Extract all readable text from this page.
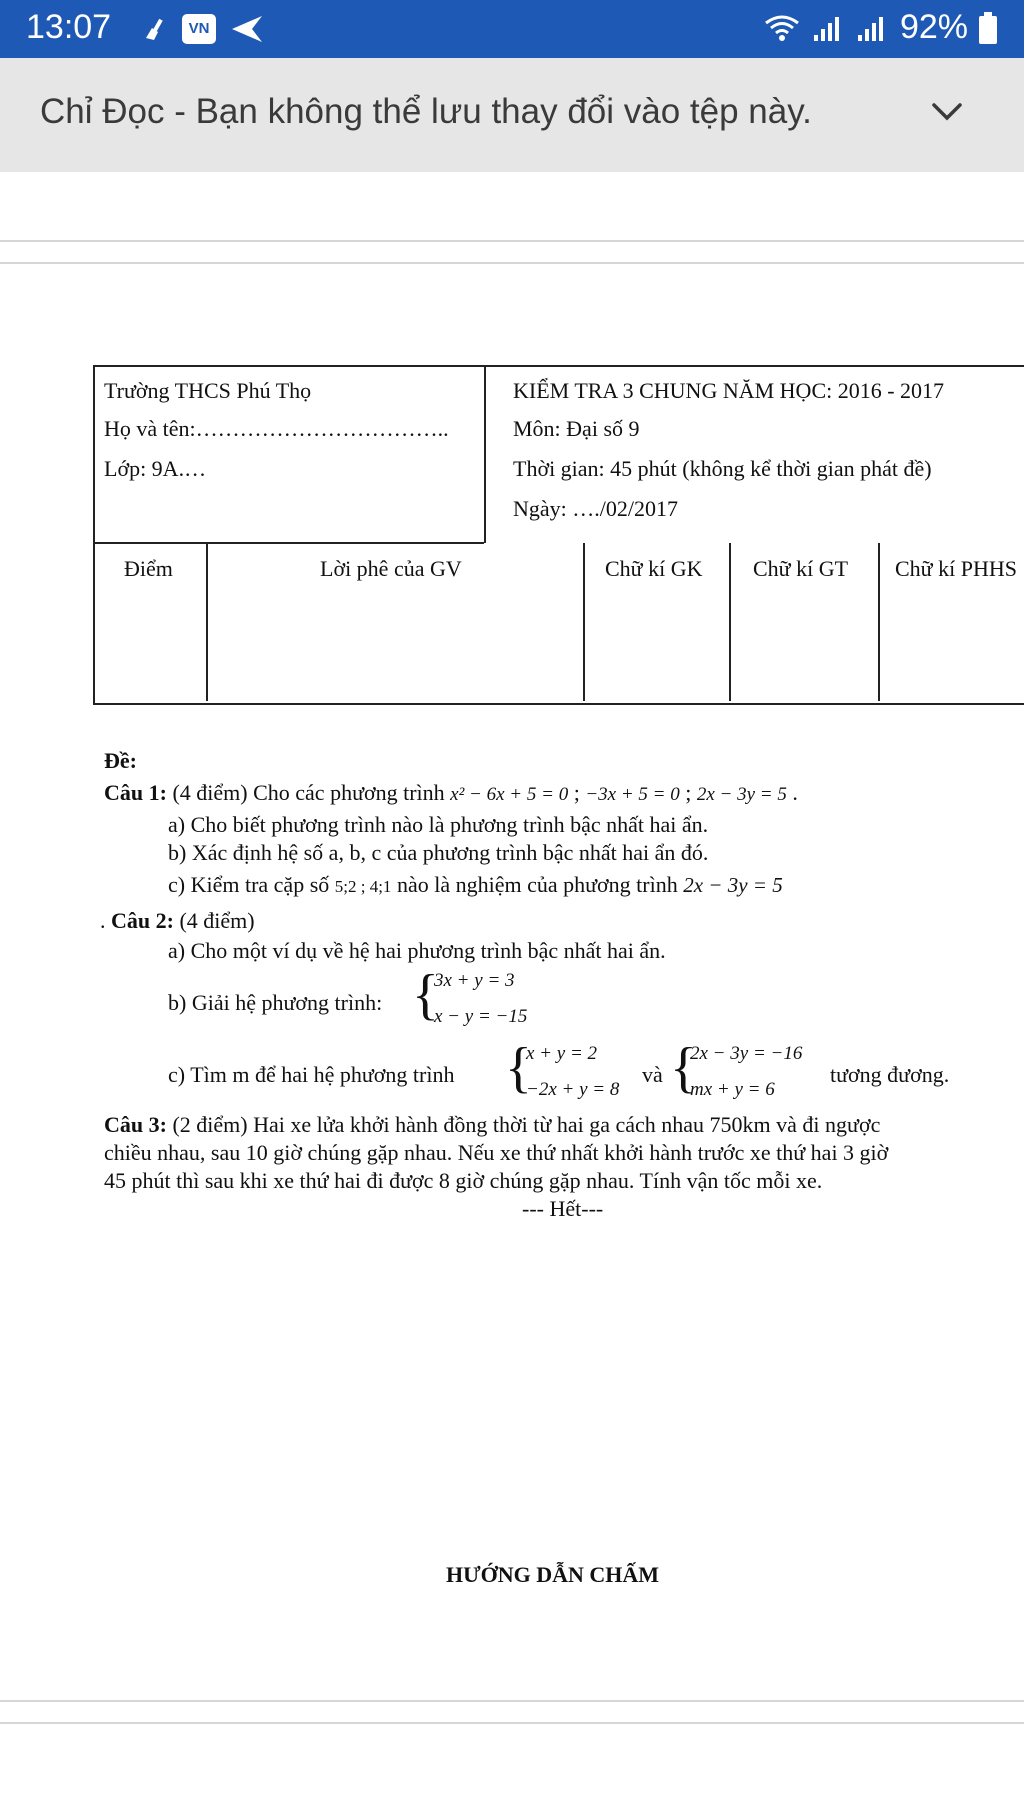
13:07	VN	92%
Chỉ Đọc - Bạn không thể lưu thay đổi vào tệp này.
Trường THCS Phú Thọ
Họ và tên:……………………………..
Lớp: 9A.…
KIỂM TRA 3 CHUNG NĂM HỌC: 2016 - 2017
Môn: Đại số 9
Thời gian: 45 phút (không kể thời gian phát đề)
Ngày: …./02/2017
Điểm	Lời phê của GV	Chữ kí GK Chữ kí GT Chữ kí PHHS
Đề:
Câu 1: (4 điểm) Cho các phương trình x² − 6x + 5 = 0 ; −3x + 5 = 0 ; 2x − 3y = 5 .
a) Cho biết phương trình nào là phương trình bậc nhất hai ẩn.
b) Xác định hệ số a, b, c của phương trình bậc nhất hai ẩn đó.
c) Kiểm tra cặp số 5;2 ; 4;1 nào là nghiệm của phương trình 2x − 3y = 5
. Câu 2: (4 điểm)
a) Cho một ví dụ về hệ hai phương trình bậc nhất hai ẩn.
b) Giải hệ phương trình: {
3x + y = 3
x − y = −15
c) Tìm m để hai hệ phương trình {
x + y = 2
−2x + y = 8
và {
2x − 3y = −16
mx + y = 6
tương đương.
Câu 3: (2 điểm) Hai xe lửa khởi hành đồng thời từ hai ga cách nhau 750km và đi ngược
chiều nhau, sau 10 giờ chúng gặp nhau. Nếu xe thứ nhất khởi hành trước xe thứ hai 3 giờ
45 phút thì sau khi xe thứ hai đi được 8 giờ chúng gặp nhau. Tính vận tốc mỗi xe.
--- Hết---
HƯỚNG DẪN CHẤM
